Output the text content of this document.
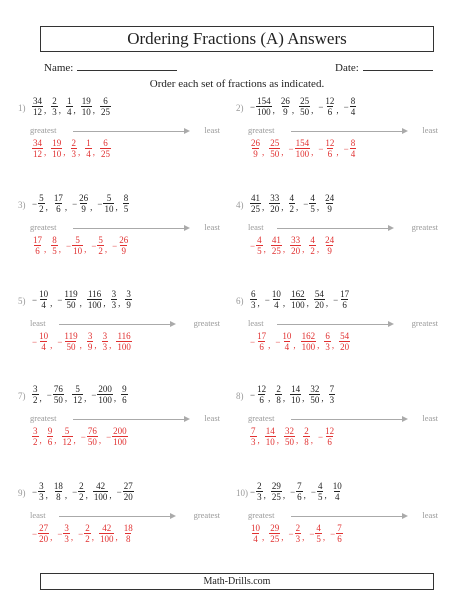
Ordering Fractions (A) Answers
Name:	Date:
Order each set of fractions as indicated.
$1) \frac{34}{12}$ , $\frac{2}{3}$ , $\frac{1}{4}$ , $\frac{19}{10}$ , $\frac{6}{25}$
greatest	least
$\frac{34}{12}$ , $\frac{19}{10}$ , $\frac{2}{3}$ , $\frac{1}{4}$ , $\frac{6}{25}$
$2) - \frac{154}{100}$ , $\frac{26}{9}$ , $\frac{25}{50}$ , − $\frac{12}{6}$ , − $\frac{8}{4}$
greatest	least
$\frac{26}{9}$ , $\frac{25}{50}$ , − $\frac{154}{100}$ , − $\frac{12}{6}$ , − $\frac{8}{4}$
$3) - \frac{5}{2}$ , $\frac{17}{6}$ , − $\frac{26}{9}$ , − $\frac{5}{10}$ , $\frac{8}{5}$
greatest	least
$\frac{17}{6}$ , $\frac{8}{5}$ , − $\frac{5}{10}$ , − $\frac{5}{2}$ , − $\frac{26}{9}$
$4) \frac{41}{25}$ , $\frac{33}{20}$ , $\frac{4}{2}$ , − $\frac{4}{5}$ , $\frac{24}{9}$
least	greatest
− $\frac{4}{5}$ , $\frac{41}{25}$ , $\frac{33}{20}$ , $\frac{4}{2}$ , $\frac{24}{9}$
$5) - \frac{10}{4}$ , − $\frac{119}{50}$ , $\frac{116}{100}$ , $\frac{3}{3}$ , $\frac{3}{9}$
least	greatest
− $\frac{10}{4}$ , − $\frac{119}{50}$ , $\frac{3}{9}$ , $\frac{3}{3}$ , $\frac{116}{100}$
$6) \frac{6}{3}$ , − $\frac{10}{4}$ , $\frac{162}{100}$ , $\frac{54}{20}$ , − $\frac{17}{6}$
least	greatest
− $\frac{17}{6}$ , − $\frac{10}{4}$ , $\frac{162}{100}$ , $\frac{6}{3}$ , $\frac{54}{20}$
$7) \frac{3}{2}$ , − $\frac{76}{50}$ , $\frac{5}{12}$ , − $\frac{200}{100}$ , $\frac{9}{6}$
greatest	least
$\frac{3}{2}$ , $\frac{9}{6}$ , $\frac{5}{12}$ , − $\frac{76}{50}$ , − $\frac{200}{100}$
$8) - \frac{12}{6}$ , $\frac{2}{8}$ , $\frac{14}{10}$ , $\frac{32}{50}$ , $\frac{7}{3}$
greatest	least
$\frac{7}{3}$ , $\frac{14}{10}$ , $\frac{32}{50}$ , $\frac{2}{8}$ , − $\frac{12}{6}$
$9) - \frac{3}{3}$ , $\frac{18}{8}$ , − $\frac{2}{2}$ , $\frac{42}{100}$ , − $\frac{27}{20}$
least	greatest
− $\frac{27}{20}$ , − $\frac{3}{3}$ , − $\frac{2}{2}$ , $\frac{42}{100}$ , $\frac{18}{8}$
$10) - \frac{2}{3}$ , $\frac{29}{25}$ , − $\frac{7}{6}$ , − $\frac{4}{5}$ , $\frac{10}{4}$
greatest	least
$\frac{10}{4}$ , $\frac{29}{25}$ , − $\frac{2}{3}$ , − $\frac{4}{5}$ , − $\frac{7}{6}$
Math-Drills.com
